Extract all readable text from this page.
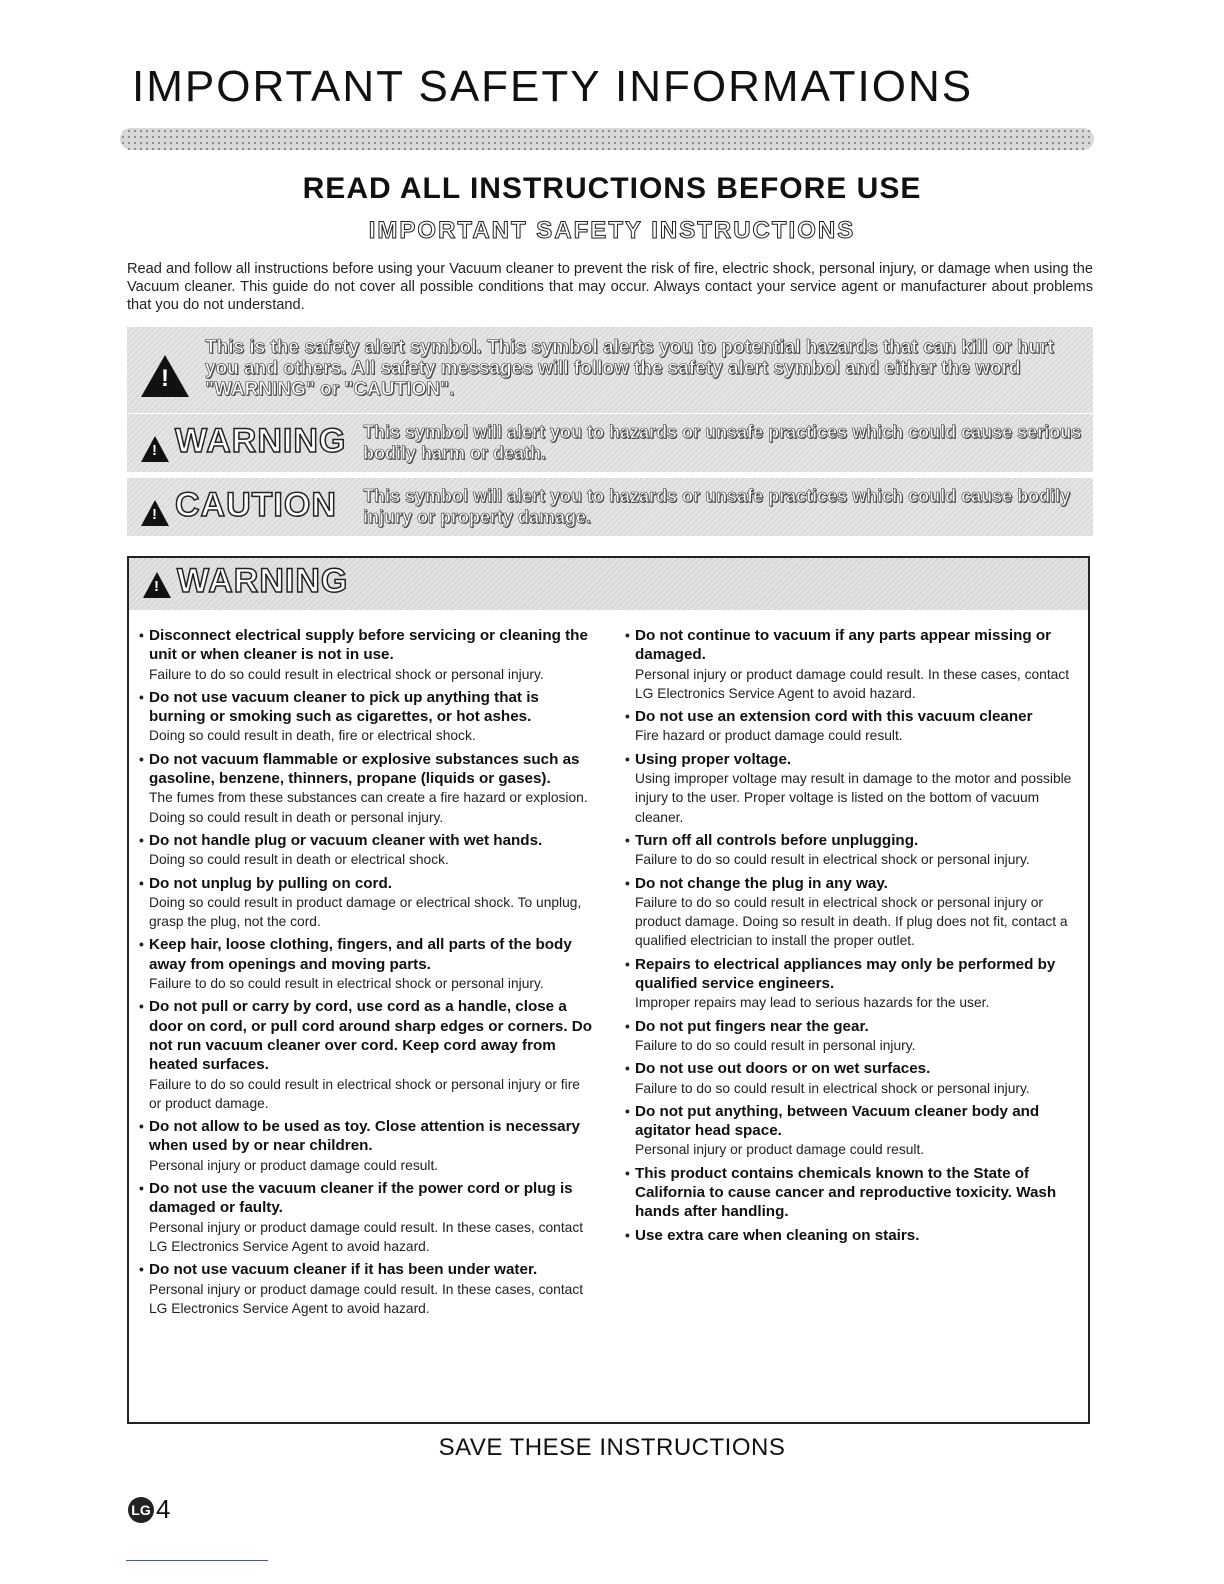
IMPORTANT SAFETY INFORMATIONS
READ ALL INSTRUCTIONS BEFORE USE
IMPORTANT SAFETY INSTRUCTIONS
Read and follow all instructions before using your Vacuum cleaner to prevent the risk of fire, electric shock, personal injury, or damage when using the Vacuum cleaner. This guide do not cover all possible conditions that may occur. Always contact your service agent or manufacturer about problems that you do not understand.
!
This is the safety alert symbol. This symbol alerts you to potential hazards that can kill or hurt you and others. All safety messages will follow the safety alert symbol and either the word "WARNING" or "CAUTION".
!
WARNING This symbol will alert you to hazards or unsafe practices which could cause serious bodily harm or death.
!
CAUTION This symbol will alert you to hazards or unsafe practices which could cause bodily injury or property damage.
!
WARNING
• Disconnect electrical supply before servicing or cleaning the unit or when cleaner is not in use.
Failure to do so could result in electrical shock or personal injury.
• Do not use vacuum cleaner to pick up anything that is burning or smoking such as cigarettes, or hot ashes.
Doing so could result in death, fire or electrical shock.
• Do not vacuum flammable or explosive substances such as gasoline, benzene, thinners, propane (liquids or gases).
The fumes from these substances can create a fire hazard or explosion. Doing so could result in death or personal injury.
• Do not handle plug or vacuum cleaner with wet hands.
Doing so could result in death or electrical shock.
• Do not unplug by pulling on cord.
Doing so could result in product damage or electrical shock. To unplug, grasp the plug, not the cord.
• Keep hair, loose clothing, fingers, and all parts of the body away from openings and moving parts.
Failure to do so could result in electrical shock or personal injury.
• Do not pull or carry by cord, use cord as a handle, close a door on cord, or pull cord around sharp edges or corners. Do not run vacuum cleaner over cord. Keep cord away from heated surfaces.
Failure to do so could result in electrical shock or personal injury or fire or product damage.
• Do not allow to be used as toy. Close attention is necessary when used by or near children.
Personal injury or product damage could result.
• Do not use the vacuum cleaner if the power cord or plug is damaged or faulty.
Personal injury or product damage could result. In these cases, contact LG Electronics Service Agent to avoid hazard.
• Do not use vacuum cleaner if it has been under water.
Personal injury or product damage could result. In these cases, contact LG Electronics Service Agent to avoid hazard.
• Do not continue to vacuum if any parts appear missing or damaged.
Personal injury or product damage could result. In these cases, contact LG Electronics Service Agent to avoid hazard.
• Do not use an extension cord with this vacuum cleaner
Fire hazard or product damage could result.
• Using proper voltage.
Using improper voltage may result in damage to the motor and possible injury to the user. Proper voltage is listed on the bottom of vacuum cleaner.
• Turn off all controls before unplugging.
Failure to do so could result in electrical shock or personal injury.
• Do not change the plug in any way.
Failure to do so could result in electrical shock or personal injury or product damage. Doing so result in death. If plug does not fit, contact a qualified electrician to install the proper outlet.
• Repairs to electrical appliances may only be performed by qualified service engineers.
Improper repairs may lead to serious hazards for the user.
• Do not put fingers near the gear.
Failure to do so could result in personal injury.
• Do not use out doors or on wet surfaces.
Failure to do so could result in electrical shock or personal injury.
• Do not put anything, between Vacuum cleaner body and agitator head space.
Personal injury or product damage could result.
• This product contains chemicals known to the State of California to cause cancer and reproductive toxicity. Wash hands after handling.
• Use extra care when cleaning on stairs.
SAVE THESE INSTRUCTIONS
LG 4
